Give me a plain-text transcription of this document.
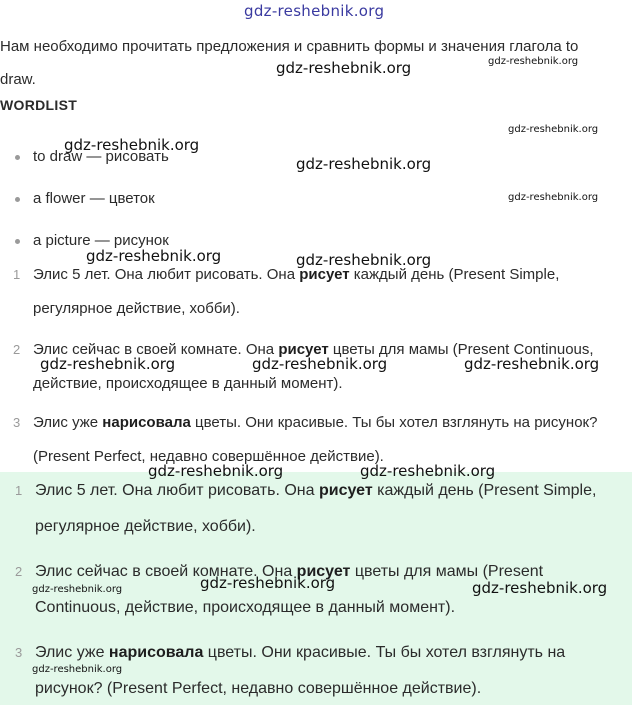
gdz-reshebnik.org
gdz-reshebnik.org	gdz-reshebnik.org
gdz-reshebnik.org
gdz-reshebnik.org
gdz-reshebnik.org
gdz-reshebnik.org
gdz-reshebnik.org	gdz-reshebnik.org
gdz-reshebnik.org	gdz-reshebnik.org	gdz-reshebnik.org

Нам необходимо прочитать предложения и сравнить формы и значения глагола to draw.

WORDLIST

to draw — рисовать
a flower — цветок
a picture — рисунок
1 Элис 5 лет. Она любит рисовать. Она рисует каждый день (Present Simple, регулярное действие, хобби).
2 Элис сейчас в своей комнате. Она рисует цветы для мамы (Present Continuous, действие, происходящее в данный момент).
3 Элис уже нарисовала цветы. Они красивые. Ты бы хотел взглянуть на рисунок? (Present Perfect, недавно совершённое действие).
1 Элис 5 лет. Она любит рисовать. Она рисует каждый день (Present Simple, регулярное действие, хобби).
2 Элис сейчас в своей комнате. Она рисует цветы для мамы (Present Continuous, действие, происходящее в данный момент).
3 Элис уже нарисовала цветы. Они красивые. Ты бы хотел взглянуть на рисунок? (Present Perfect, недавно совершённое действие).
gdz-reshebnik.org	gdz-reshebnik.org
gdz-reshebnik.org	gdz-reshebnik.org	gdz-reshebnik.org
gdz-reshebnik.org
